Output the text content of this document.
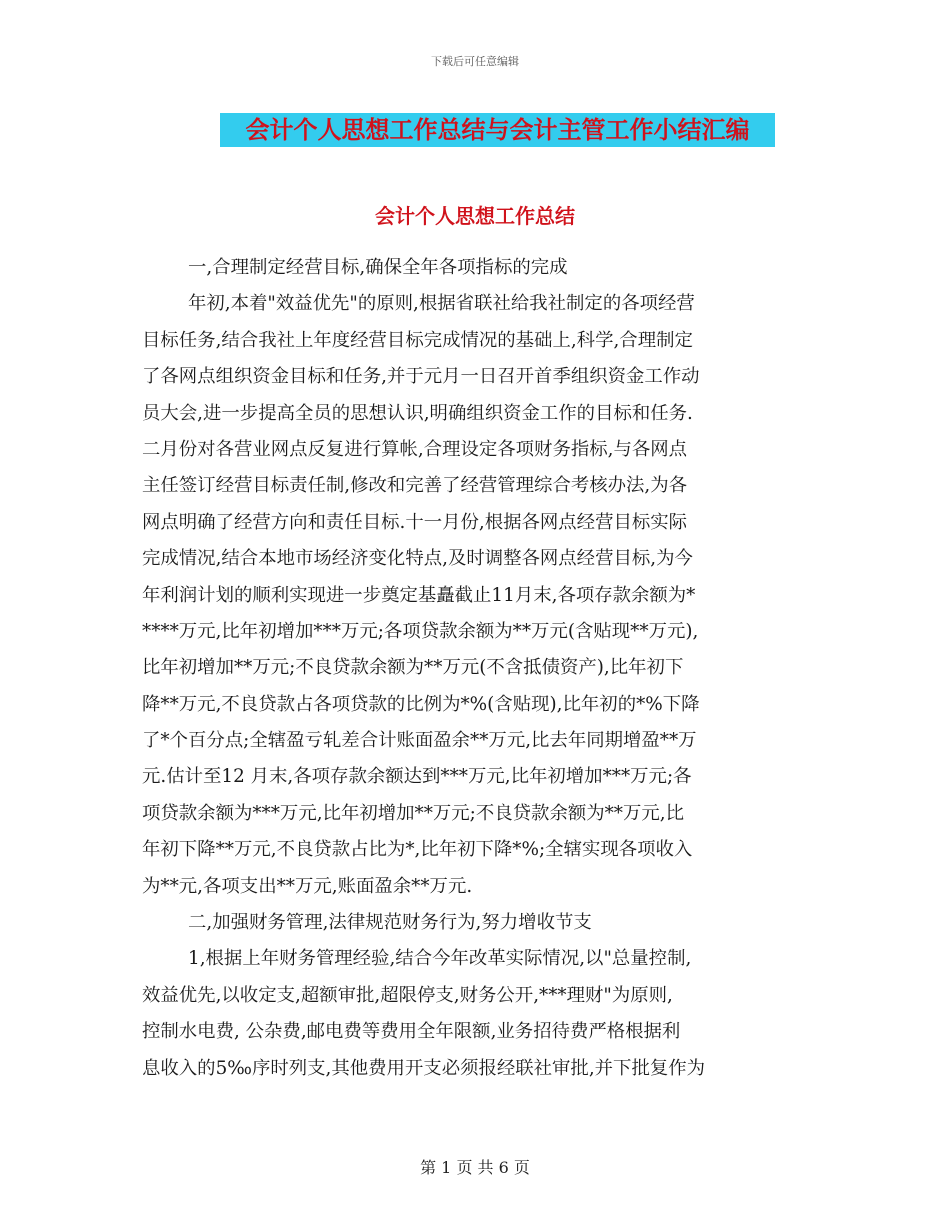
下载后可任意编辑
会计个人思想工作总结与会计主管工作小结汇编
会计个人思想工作总结
一,合理制定经营目标,确保全年各项指标的完成
年初,本着"效益优先"的原则,根据省联社给我社制定的各项经营
目标任务,结合我社上年度经营目标完成情况的基础上,科学,合理制定
了各网点组织资金目标和任务,并于元月一日召开首季组织资金工作动
员大会,进一步提高全员的思想认识,明确组织资金工作的目标和任务.
二月份对各营业网点反复进行算帐,合理设定各项财务指标,与各网点
主任签订经营目标责任制,修改和完善了经营管理综合考核办法,为各
网点明确了经营方向和责任目标.十一月份,根据各网点经营目标实际
完成情况,结合本地市场经济变化特点,及时调整各网点经营目标,为今
年利润计划的顺利实现进一步奠定基矗截止11月末,各项存款余额为*
****万元,比年初增加***万元;各项贷款余额为**万元(含贴现**万元),
比年初增加**万元;不良贷款余额为**万元(不含抵债资产),比年初下
降**万元,不良贷款占各项贷款的比例为*%(含贴现),比年初的*%下降
了*个百分点;全辖盈亏轧差合计账面盈余**万元,比去年同期增盈**万
元.估计至12 月末,各项存款余额达到***万元,比年初增加***万元;各
项贷款余额为***万元,比年初增加**万元;不良贷款余额为**万元,比
年初下降**万元,不良贷款占比为*,比年初下降*%;全辖实现各项收入
为**元,各项支出**万元,账面盈余**万元.
二,加强财务管理,法律规范财务行为,努力增收节支
1,根据上年财务管理经验,结合今年改革实际情况,以"总量控制,
效益优先,以收定支,超额审批,超限停支,财务公开,***理财"为原则,
控制水电费, 公杂费,邮电费等费用全年限额,业务招待费严格根据利
息收入的5‰序时列支,其他费用开支必须报经联社审批,并下批复作为
第 1 页 共 6 页
